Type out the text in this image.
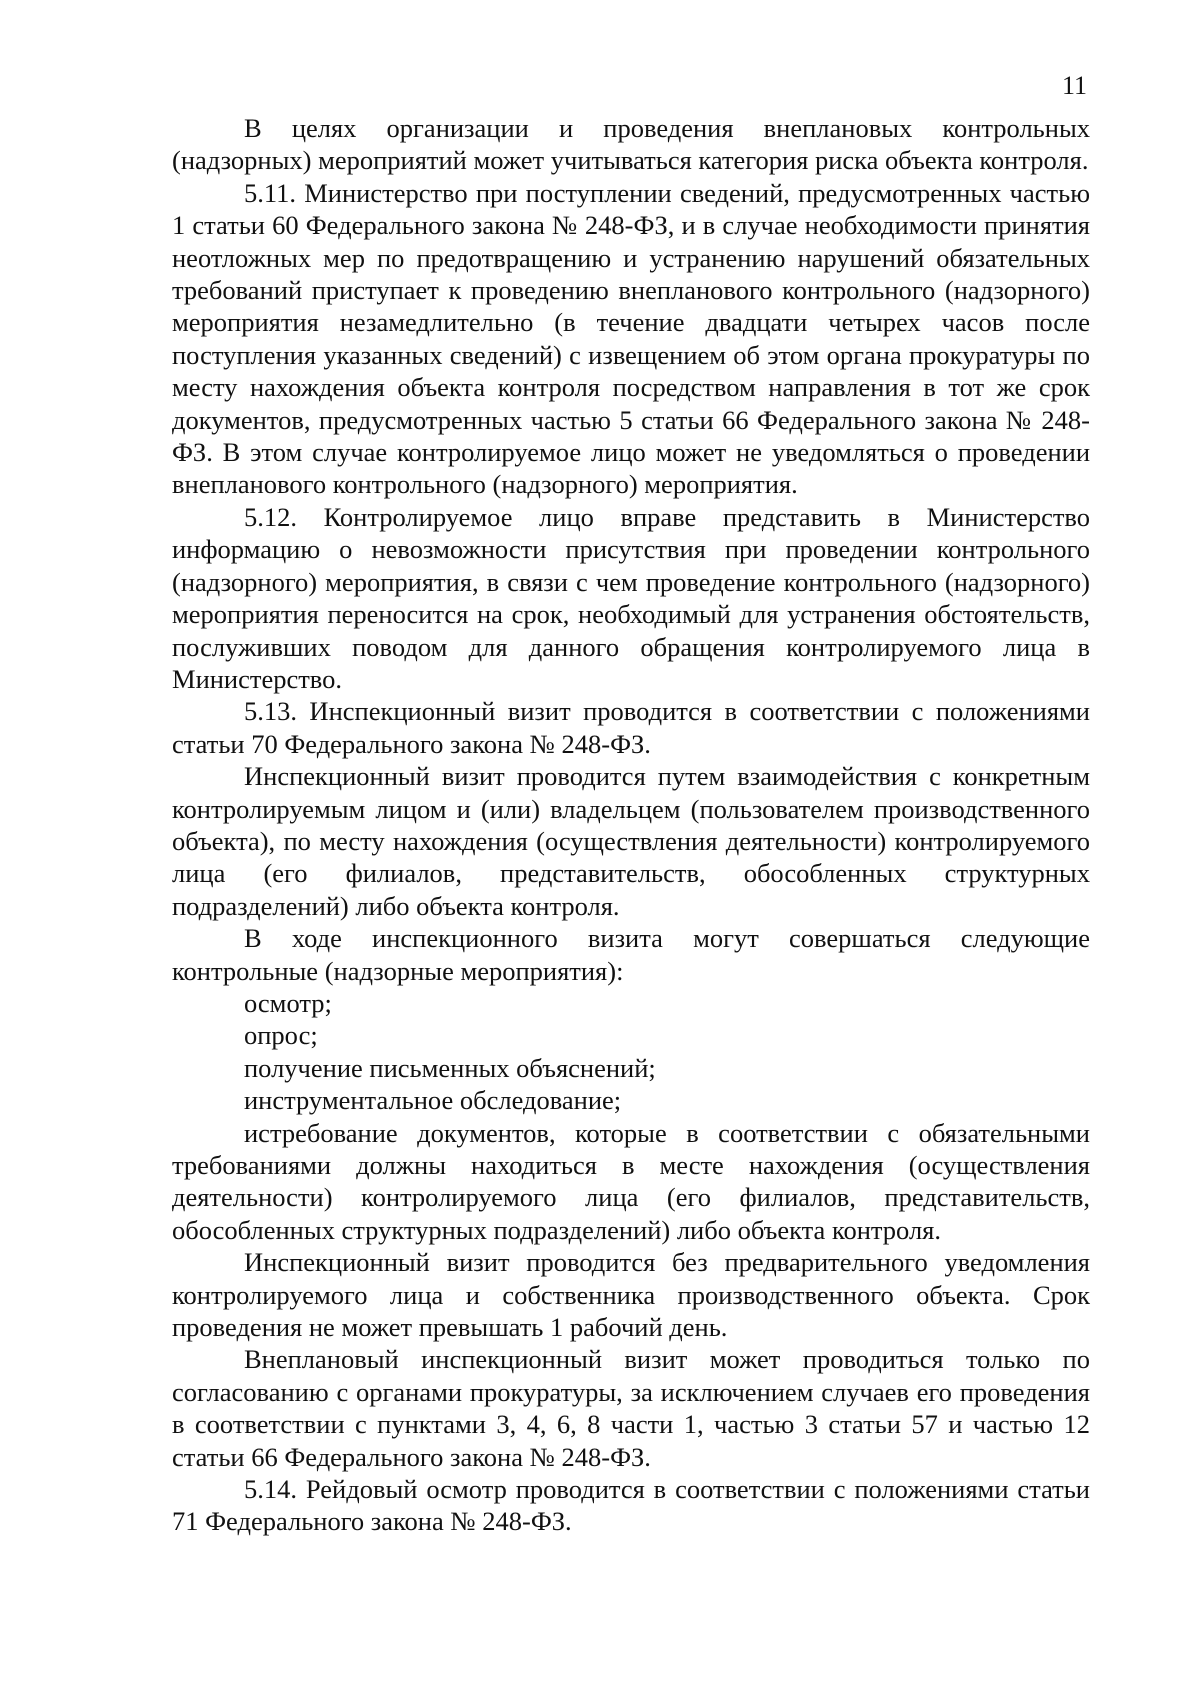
11

В целях организации и проведения внеплановых контрольных (надзорных) мероприятий может учитываться категория риска объекта контроля.

5.11. Министерство при поступлении сведений, предусмотренных частью 1 статьи 60 Федерального закона № 248-ФЗ, и в случае необходимости принятия неотложных мер по предотвращению и устранению нарушений обязательных требований приступает к проведению внепланового контрольного (надзорного) мероприятия незамедлительно (в течение двадцати четырех часов после поступления указанных сведений) с извещением об этом органа прокуратуры по месту нахождения объекта контроля посредством направления в тот же срок документов, предусмотренных частью 5 статьи 66 Федерального закона № 248-ФЗ. В этом случае контролируемое лицо может не уведомляться о проведении внепланового контрольного (надзорного) мероприятия.

5.12. Контролируемое лицо вправе представить в Министерство информацию о невозможности присутствия при проведении контрольного (надзорного) мероприятия, в связи с чем проведение контрольного (надзорного) мероприятия переносится на срок, необходимый для устранения обстоятельств, послуживших поводом для данного обращения контролируемого лица в Министерство.

5.13. Инспекционный визит проводится в соответствии с положениями статьи 70 Федерального закона № 248-ФЗ.

Инспекционный визит проводится путем взаимодействия с конкретным контролируемым лицом и (или) владельцем (пользователем производственного объекта), по месту нахождения (осуществления деятельности) контролируемого лица (его филиалов, представительств, обособленных структурных подразделений) либо объекта контроля.

В ходе инспекционного визита могут совершаться следующие контрольные (надзорные мероприятия):

осмотр;

опрос;

получение письменных объяснений;

инструментальное обследование;

истребование документов, которые в соответствии с обязательными требованиями должны находиться в месте нахождения (осуществления деятельности) контролируемого лица (его филиалов, представительств, обособленных структурных подразделений) либо объекта контроля.

Инспекционный визит проводится без предварительного уведомления контролируемого лица и собственника производственного объекта. Срок проведения не может превышать 1 рабочий день.

Внеплановый инспекционный визит может проводиться только по согласованию с органами прокуратуры, за исключением случаев его проведения в соответствии с пунктами 3, 4, 6, 8 части 1, частью 3 статьи 57 и частью 12 статьи 66 Федерального закона № 248-ФЗ.

5.14. Рейдовый осмотр проводится в соответствии с положениями статьи 71 Федерального закона № 248-ФЗ.
